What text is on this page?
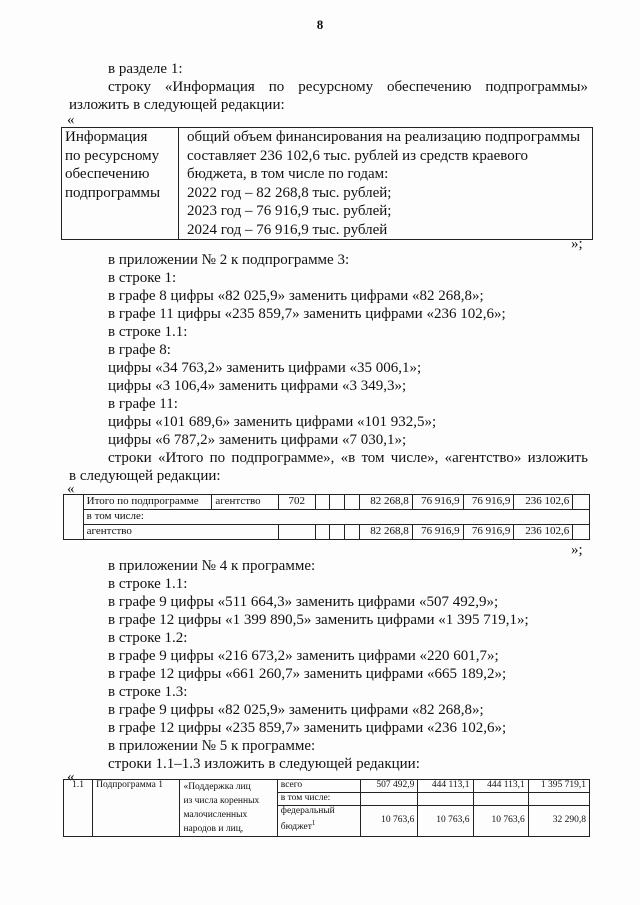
8
в разделе 1:
строку «Информация по ресурсному обеспечению подпрограммы»
изложить в следующей редакции:
«
Информация
по ресурсному
обеспечению
подпрограммы

общий объем финансирования на реализацию подпрограммы
составляет 236 102,6 тыс. рублей из средств краевого
бюджета, в том числе по годам:
2022 год – 82 268,8 тыс. рублей;
2023 год – 76 916,9 тыс. рублей;
2024 год – 76 916,9 тыс. рублей
»;
в приложении № 2 к подпрограмме 3:
в строке 1:
в графе 8 цифры «82 025,9» заменить цифрами «82 268,8»;
в графе 11 цифры «235 859,7» заменить цифрами «236 102,6»;
в строке 1.1:
в графе 8:
цифры «34 763,2» заменить цифрами «35 006,1»;
цифры «3 106,4» заменить цифрами «3 349,3»;
в графе 11:
цифры «101 689,6» заменить цифрами «101 932,5»;
цифры «6 787,2» заменить цифрами «7 030,1»;
строки «Итого по подпрограмме», «в том числе», «агентство» изложить
в следующей редакции:
«
	Итого по подпрограмме	агентство	702				82 268,8	76 916,9	76 916,9	236 102,6	
	в том числе:										
	агентство						82 268,8	76 916,9	76 916,9	236 102,6	
»;
в приложении № 4 к программе:
в строке 1.1:
в графе 9 цифры «511 664,3» заменить цифрами «507 492,9»;
в графе 12 цифры «1 399 890,5» заменить цифрами «1 395 719,1»;
в строке 1.2:
в графе 9 цифры «216 673,2» заменить цифрами «220 601,7»;
в графе 12 цифры «661 260,7» заменить цифрами «665 189,2»;
в строке 1.3:
в графе 9 цифры «82 025,9» заменить цифрами «82 268,8»;
в графе 12 цифры «235 859,7» заменить цифрами «236 102,6»;
в приложении № 5 к программе:
строки 1.1–1.3 изложить в следующей редакции:
«
1.1	Подпрограмма 1	«Поддержка лиц
из числа коренных
малочисленных
народов и лиц,	всего	507 492,9	444 113,1	444 113,1	1 395 719,1
			в том числе:				

			федеральный
бюджет$^1$	10 763,6	10 763,6	10 763,6	32 290,8
